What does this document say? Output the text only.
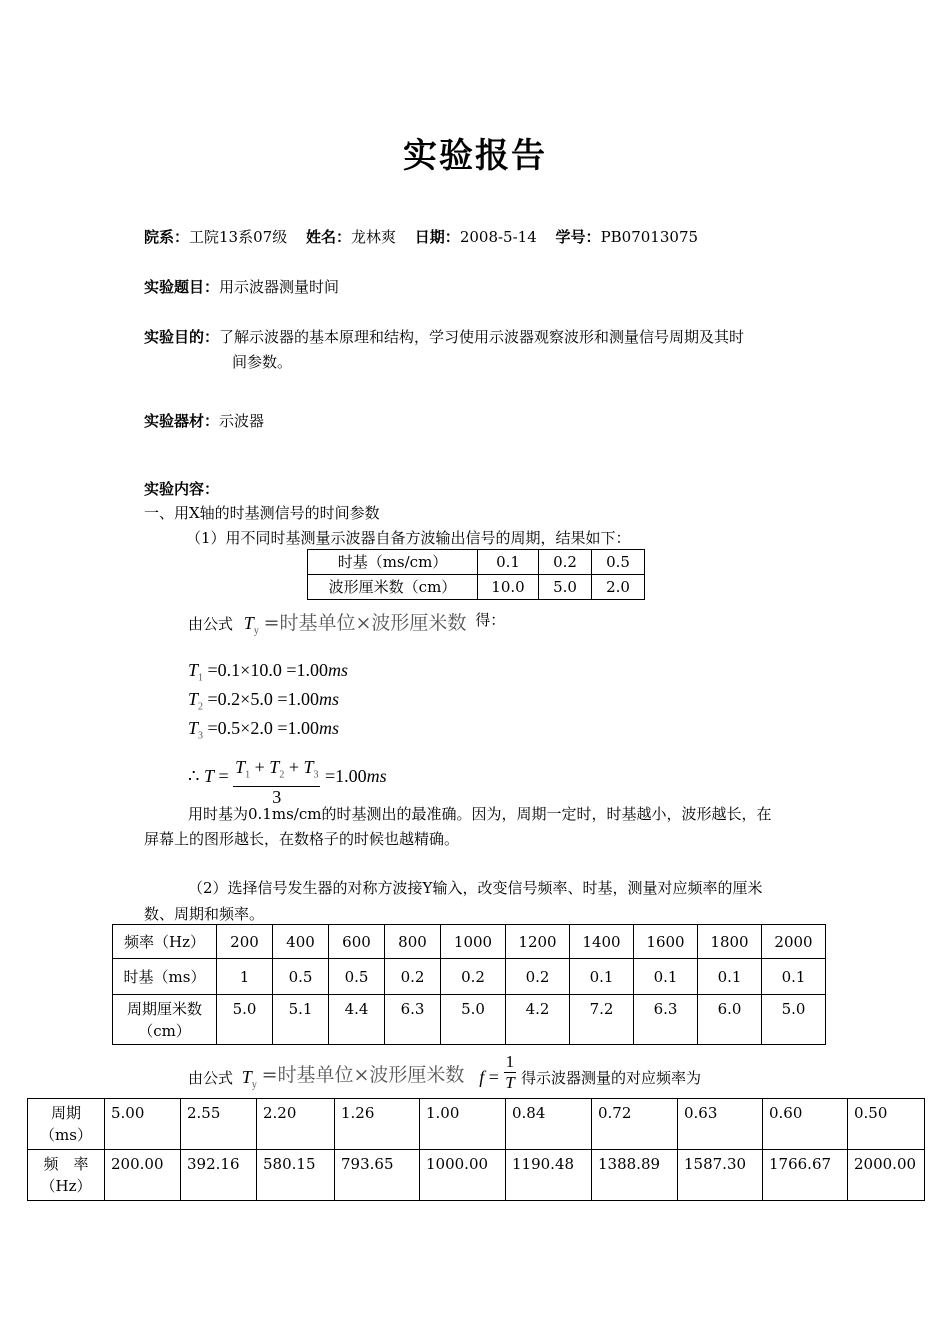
实验报告
院系：工院13系07级 姓名：龙林爽 日期：2008-5-14 学号：PB07013075
实验题目：用示波器测量时间
实验目的：了解示波器的基本原理和结构，学习使用示波器观察波形和测量信号周期及其时
间参数。
实验器材：示波器
实验内容：
一、用X轴的时基测信号的时间参数
（1）用不同时基测量示波器自备方波输出信号的周期，结果如下：
时基（ms/cm）	0.1	0.2	0.5
波形厘米数（cm）	10.0	5.0	2.0
由公式 $T_y$ =时基单位×波形厘米数 得：
$T_1 =0.1\times 10.0 =1.00ms$
$T_2 =0.2\times 5.0 =1.00ms$
$T_3 =0.5\times 2.0 =1.00ms$
∴ $T = \frac{T_1 + T_2 + T_3}{3} =1.00ms$
用时基为0.1ms/cm的时基测出的最准确。因为，周期一定时，时基越小，波形越长，在
屏幕上的图形越长，在数格子的时候也越精确。
（2）选择信号发生器的对称方波接Y输入，改变信号频率、时基，测量对应频率的厘米
数、周期和频率。
频率（Hz）	200	400	600	800	1000	1200	1400	1600	1800	2000
时基（ms）	1	0.5	0.5	0.2	0.2	0.2	0.1	0.1	0.1	0.1
周期厘米数（cm）	5.0	5.1	4.4	6.3	5.0	4.2	7.2	6.3	6.0	5.0
由公式 $T_y$ =时基单位×波形厘米数 $f = \frac{1}{T}$ 得示波器测量的对应频率为
周期（ms）	5.00	2.55	2.20	1.26	1.00	0.84	0.72	0.63	0.60	0.50
频　率（Hz）	200.00	392.16	580.15	793.65	1000.00	1190.48	1388.89	1587.30	1766.67	2000.00
